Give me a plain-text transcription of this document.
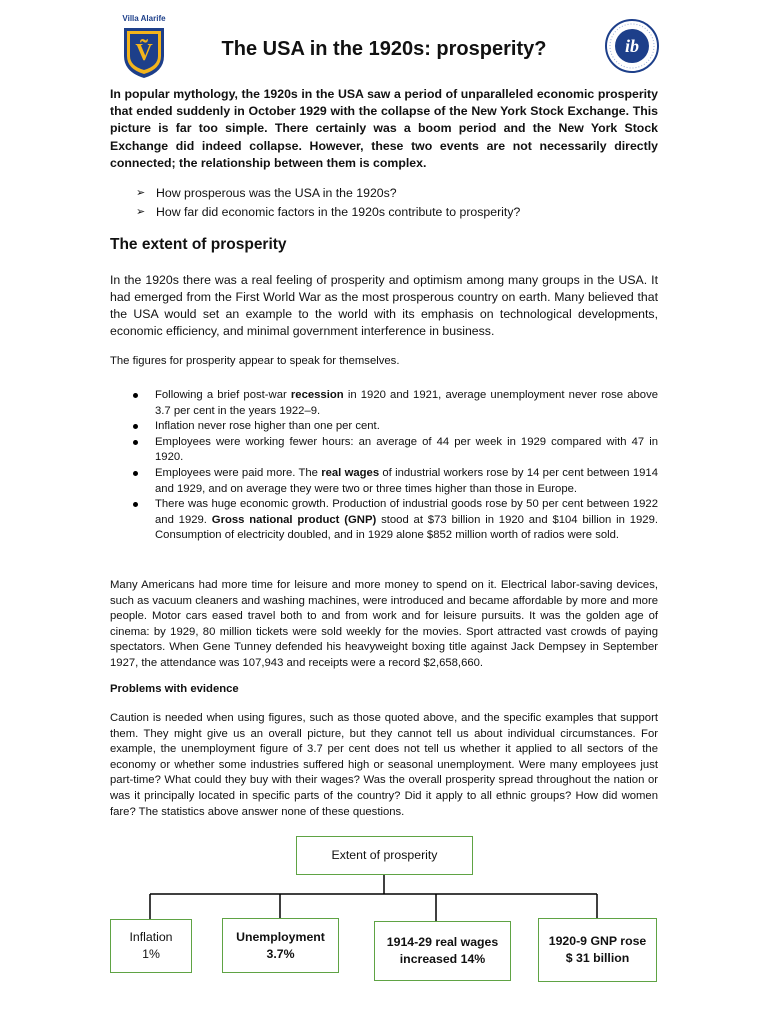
Ṽ
Villa Alarife
ib
The USA in the 1920s: prosperity?
In popular mythology, the 1920s in the USA saw a period of unparalleled economic prosperity that ended suddenly in October 1929 with the collapse of the New York Stock Exchange. This picture is far too simple. There certainly was a boom period and the New York Stock Exchange did indeed collapse. However, these two events are not necessarily directly connected; the relationship between them is complex.
➢ How prosperous was the USA in the 1920s?
➢ How far did economic factors in the 1920s contribute to prosperity?
The extent of prosperity
In the 1920s there was a real feeling of prosperity and optimism among many groups in the USA. It had emerged from the First World War as the most prosperous country on earth. Many believed that the USA would set an example to the world with its emphasis on technological developments, economic efficiency, and minimal government interference in business.
The figures for prosperity appear to speak for themselves.
Following a brief post-war recession in 1920 and 1921, average unemployment never rose above 3.7 per cent in the years 1922–9.
Inflation never rose higher than one per cent.
Employees were working fewer hours: an average of 44 per week in 1929 compared with 47 in 1920.
Employees were paid more. The real wages of industrial workers rose by 14 per cent between 1914 and 1929, and on average they were two or three times higher than those in Europe.
There was huge economic growth. Production of industrial goods rose by 50 per cent between 1922 and 1929. Gross national product (GNP) stood at $73 billion in 1920 and $104 billion in 1929. Consumption of electricity doubled, and in 1929 alone $852 million worth of radios were sold.
Many Americans had more time for leisure and more money to spend on it. Electrical labor-saving devices, such as vacuum cleaners and washing machines, were introduced and became affordable by more and more people. Motor cars eased travel both to and from work and for leisure pursuits. It was the golden age of cinema: by 1929, 80 million tickets were sold weekly for the movies. Sport attracted vast crowds of paying spectators. When Gene Tunney defended his heavyweight boxing title against Jack Dempsey in September 1927, the attendance was 107,943 and receipts were a record $2,658,660.
Problems with evidence
Caution is needed when using figures, such as those quoted above, and the specific examples that support them. They might give us an overall picture, but they cannot tell us about individual circumstances. For example, the unemployment figure of 3.7 per cent does not tell us whether it applied to all sectors of the economy or whether some industries suffered high or seasonal unemployment. Were many employees just part-time? What could they buy with their wages? Was the overall prosperity spread throughout the nation or was it principally located in specific parts of the country? Did it apply to all ethnic groups? How did women fare? The statistics above answer none of these questions.
Extent of prosperity
Inflation
1%
Unemployment
3.7%
1914-29 real wages
increased 14%
1920-9 GNP rose
$ 31 billion
